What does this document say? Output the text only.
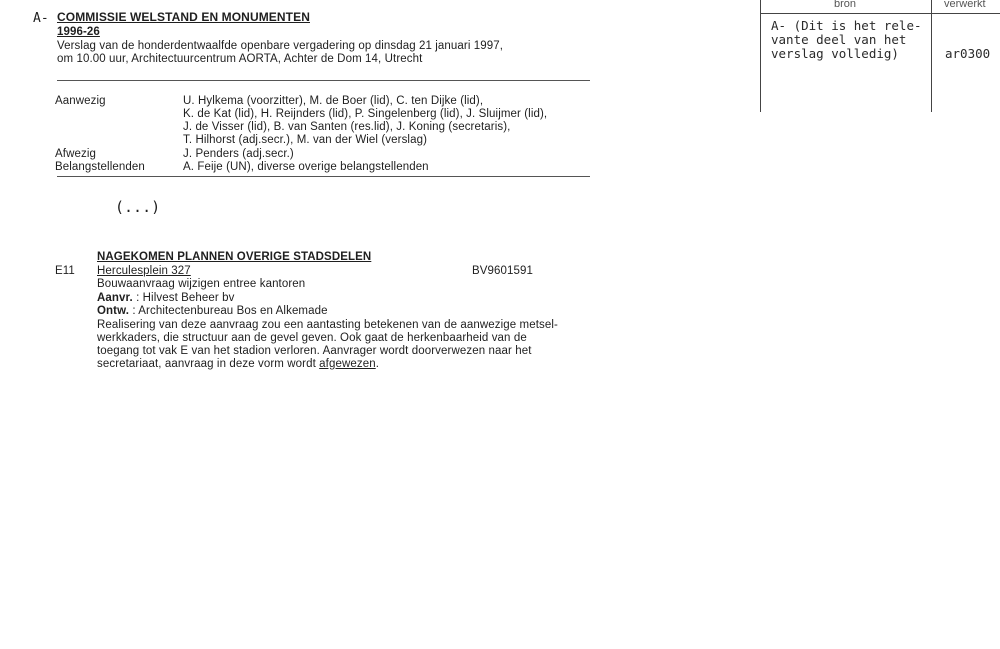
bron	verwerkt
A- (Dit is het rele-
vante deel van het
verslag volledig)	ar0300
A- COMMISSIE WELSTAND EN MONUMENTEN
1996-26
Verslag van de honderdentwaalfde openbare vergadering op dinsdag 21 januari 1997,
om 10.00 uur, Architectuurcentrum AORTA, Achter de Dom 14, Utrecht
Aanwezig	U. Hylkema (voorzitter), M. de Boer (lid), C. ten Dijke (lid),
K. de Kat (lid), H. Reijnders (lid), P. Singelenberg (lid), J. Sluijmer (lid),
J. de Visser (lid), B. van Santen (res.lid), J. Koning (secretaris),
T. Hilhorst (adj.secr.), M. van der Wiel (verslag)
Afwezig	J. Penders (adj.secr.)
Belangstellenden	A. Feije (UN), diverse overige belangstellenden
(...)
NAGEKOMEN PLANNEN OVERIGE STADSDELEN
E11 Herculesplein 327	BV9601591
Bouwaanvraag wijzigen entree kantoren
Aanvr. : Hilvest Beheer bv
Ontw. : Architectenbureau Bos en Alkemade
Realisering van deze aanvraag zou een aantasting betekenen van de aanwezige metsel-
werkkaders, die structuur aan de gevel geven. Ook gaat de herkenbaarheid van de
toegang tot vak E van het stadion verloren. Aanvrager wordt doorverwezen naar het
secretariaat, aanvraag in deze vorm wordt afgewezen.
